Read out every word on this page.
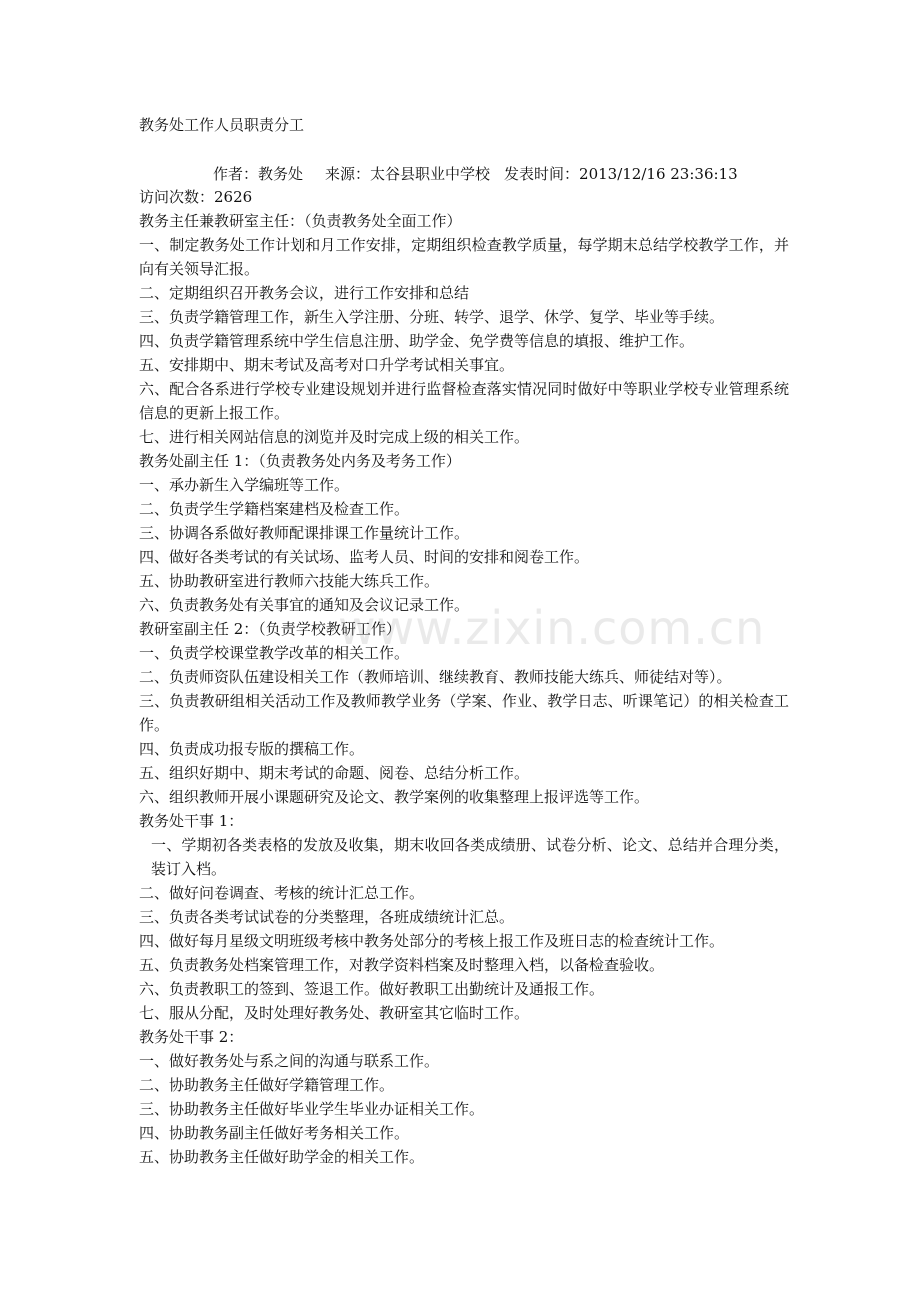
教务处工作人员职责分工

作者：教务处 来源：太谷县职业中学校 发表时间：2013/12/16 23:36:13

访问次数：2626

教务主任兼教研室主任：（负责教务处全面工作）

一、制定教务处工作计划和月工作安排，定期组织检查教学质量，每学期末总结学校教学工作，并向有关领导汇报。

二、定期组织召开教务会议，进行工作安排和总结

三、负责学籍管理工作，新生入学注册、分班、转学、退学、休学、复学、毕业等手续。

四、负责学籍管理系统中学生信息注册、助学金、免学费等信息的填报、维护工作。

五、安排期中、期末考试及高考对口升学考试相关事宜。

六、配合各系进行学校专业建设规划并进行监督检查落实情况同时做好中等职业学校专业管理系统信息的更新上报工作。

七、进行相关网站信息的浏览并及时完成上级的相关工作。

教务处副主任 1：（负责教务处内务及考务工作）

一、承办新生入学编班等工作。

二、负责学生学籍档案建档及检查工作。

三、协调各系做好教师配课排课工作量统计工作。

四、做好各类考试的有关试场、监考人员、时间的安排和阅卷工作。

五、协助教研室进行教师六技能大练兵工作。

六、负责教务处有关事宜的通知及会议记录工作。

教研室副主任 2：（负责学校教研工作）

一、负责学校课堂教学改革的相关工作。

二、负责师资队伍建设相关工作（教师培训、继续教育、教师技能大练兵、师徒结对等）。

三、负责教研组相关活动工作及教师教学业务（学案、作业、教学日志、听课笔记）的相关检查工作。

四、负责成功报专版的撰稿工作。

五、组织好期中、期末考试的命题、阅卷、总结分析工作。

六、组织教师开展小课题研究及论文、教学案例的收集整理上报评选等工作。

教务处干事 1：

一、学期初各类表格的发放及收集，期末收回各类成绩册、试卷分析、论文、总结并合理分类，装订入档。

二、做好问卷调查、考核的统计汇总工作。

三、负责各类考试试卷的分类整理，各班成绩统计汇总。

四、做好每月星级文明班级考核中教务处部分的考核上报工作及班日志的检查统计工作。

五、负责教务处档案管理工作，对教学资料档案及时整理入档，以备检查验收。

六、负责教职工的签到、签退工作。做好教职工出勤统计及通报工作。

七、服从分配，及时处理好教务处、教研室其它临时工作。

教务处干事 2：

一、做好教务处与系之间的沟通与联系工作。

二、协助教务主任做好学籍管理工作。

三、协助教务主任做好毕业学生毕业办证相关工作。

四、协助教务副主任做好考务相关工作。

五、协助教务主任做好助学金的相关工作。

www.zixin.com.cn
